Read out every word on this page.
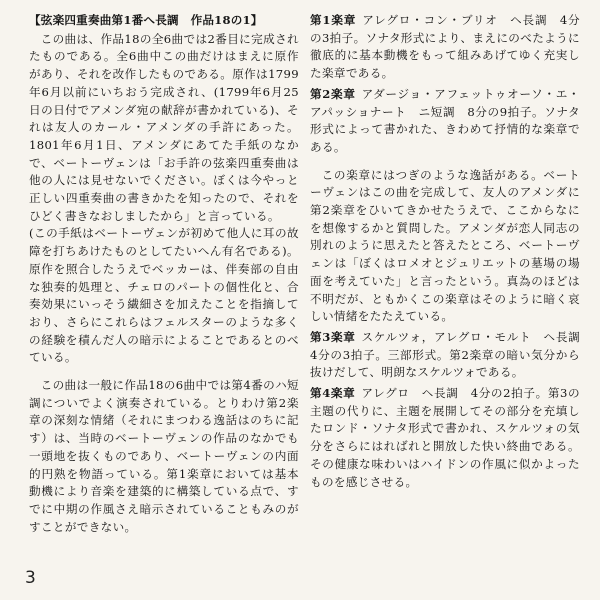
【弦楽四重奏曲第1番へ長調　作品18の1】

この曲は、作品18の全6曲では2番目に完成されたものである。全6曲中この曲だけはまえに原作があり、それを改作したものである。原作は1799年6月以前にいちおう完成され、(1799年6月25日の日付でアメンダ宛の献辞が書かれている)、それは友人のカール・アメンダの手許にあった。1801年6月1日、アメンダにあてた手紙のなかで、ベートーヴェンは「お手許の弦楽四重奏曲は他の人には見せないでください。ぼくは今やっと正しい四重奏曲の書きかたを知ったので、それをひどく書きなおしましたから」と言っている。

(この手紙はベートーヴェンが初めて他人に耳の故障を打ちあけたものとしてたいへん有名である)。原作を照合したうえでベッカーは、伴奏部の自由な独奏的処理と、チェロのパートの個性化と、合奏効果にいっそう繊細さを加えたことを指摘しており、さらにこれらはフェルスターのような多くの経験を積んだ人の暗示によることであるとのべている。

この曲は一般に作品18の6曲中では第4番のハ短調についでよく演奏されている。とりわけ第2楽章の深刻な情緒（それにまつわる逸話はのちに記す）は、当時のベートーヴェンの作品のなかでも一頭地を抜くものであり、ベートーヴェンの内面的円熟を物語っている。第1楽章においては基本動機により音楽を建築的に構築している点で、すでに中期の作風さえ暗示されていることもみのがすことができない。

第1楽章 アレグロ・コン・ブリオ　ヘ長調　4分の3拍子。ソナタ形式により、まえにのべたように徹底的に基本動機をもって組みあげてゆく充実した楽章である。

第2楽章 アダージョ・アフェットゥオーソ・エ・アパッショナート　ニ短調　8分の9拍子。ソナタ形式によって書かれた、きわめて抒情的な楽章である。

この楽章にはつぎのような逸話がある。ベートーヴェンはこの曲を完成して、友人のアメンダに第2楽章をひいてきかせたうえで、ここからなにを想像するかと質問した。アメンダが恋人同志の別れのように思えたと答えたところ、ベートーヴェンは「ぼくはロメオとジュリエットの墓場の場面を考えていた」と言ったという。真為のほどは不明だが、ともかくこの楽章はそのように暗く哀しい情緒をたたえている。

第3楽章 スケルツォ，アレグロ・モルト　ヘ長調　4分の3拍子。三部形式。第2楽章の暗い気分から抜けだして、明朗なスケルツォである。

第4楽章 アレグロ　ヘ長調　4分の2拍子。第3の主題の代りに、主題を展開してその部分を充填したロンド・ソナタ形式で書かれ、スケルツォの気分をさらにはればれと開放した快い終曲である。その健康な味わいはハイドンの作風に似かよったものを感じさせる。

3
